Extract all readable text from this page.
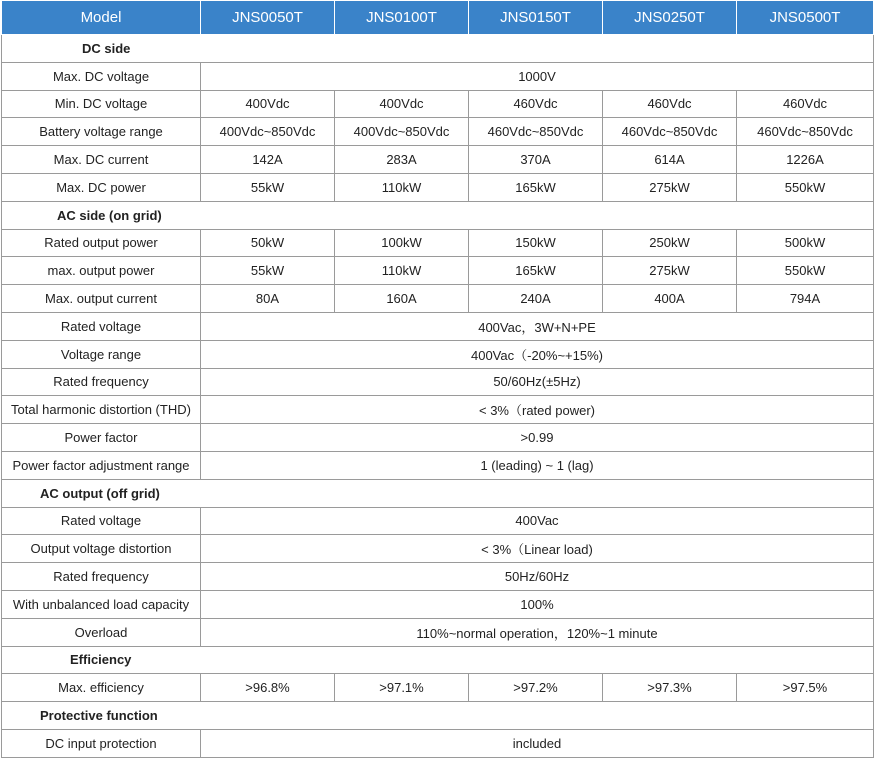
Model	JNS0050T	JNS0100T	JNS0150T	JNS0250T	JNS0500T
DC side					
Max. DC voltage	1000V				
Min. DC voltage	400Vdc	400Vdc	460Vdc	460Vdc	460Vdc
Battery voltage range	400Vdc~850Vdc	400Vdc~850Vdc	460Vdc~850Vdc	460Vdc~850Vdc	460Vdc~850Vdc
Max. DC current	142A	283A	370A	614A	1226A
Max. DC power	55kW	110kW	165kW	275kW	550kW
AC side (on grid)					
Rated output power	50kW	100kW	150kW	250kW	500kW
max. output power	55kW	110kW	165kW	275kW	550kW
Max. output current	80A	160A	240A	400A	794A
Rated voltage	400Vac，3W+N+PE				
Voltage range	400Vac（-20%~+15%)				
Rated frequency	50/60Hz(±5Hz)				
Total harmonic distortion (THD)	< 3%（rated power)				
Power factor	>0.99				
Power factor adjustment range	1 (leading) ~ 1 (lag)				
AC output (off grid)					
Rated voltage	400Vac				
Output voltage distortion	< 3%（Linear load)				
Rated frequency	50Hz/60Hz				
With unbalanced load capacity	100%				
Overload	110%~normal operation，120%~1 minute				
Efficiency					
Max. efficiency	>96.8%	>97.1%	>97.2%	>97.3%	>97.5%
Protective function					
DC input protection	included				
